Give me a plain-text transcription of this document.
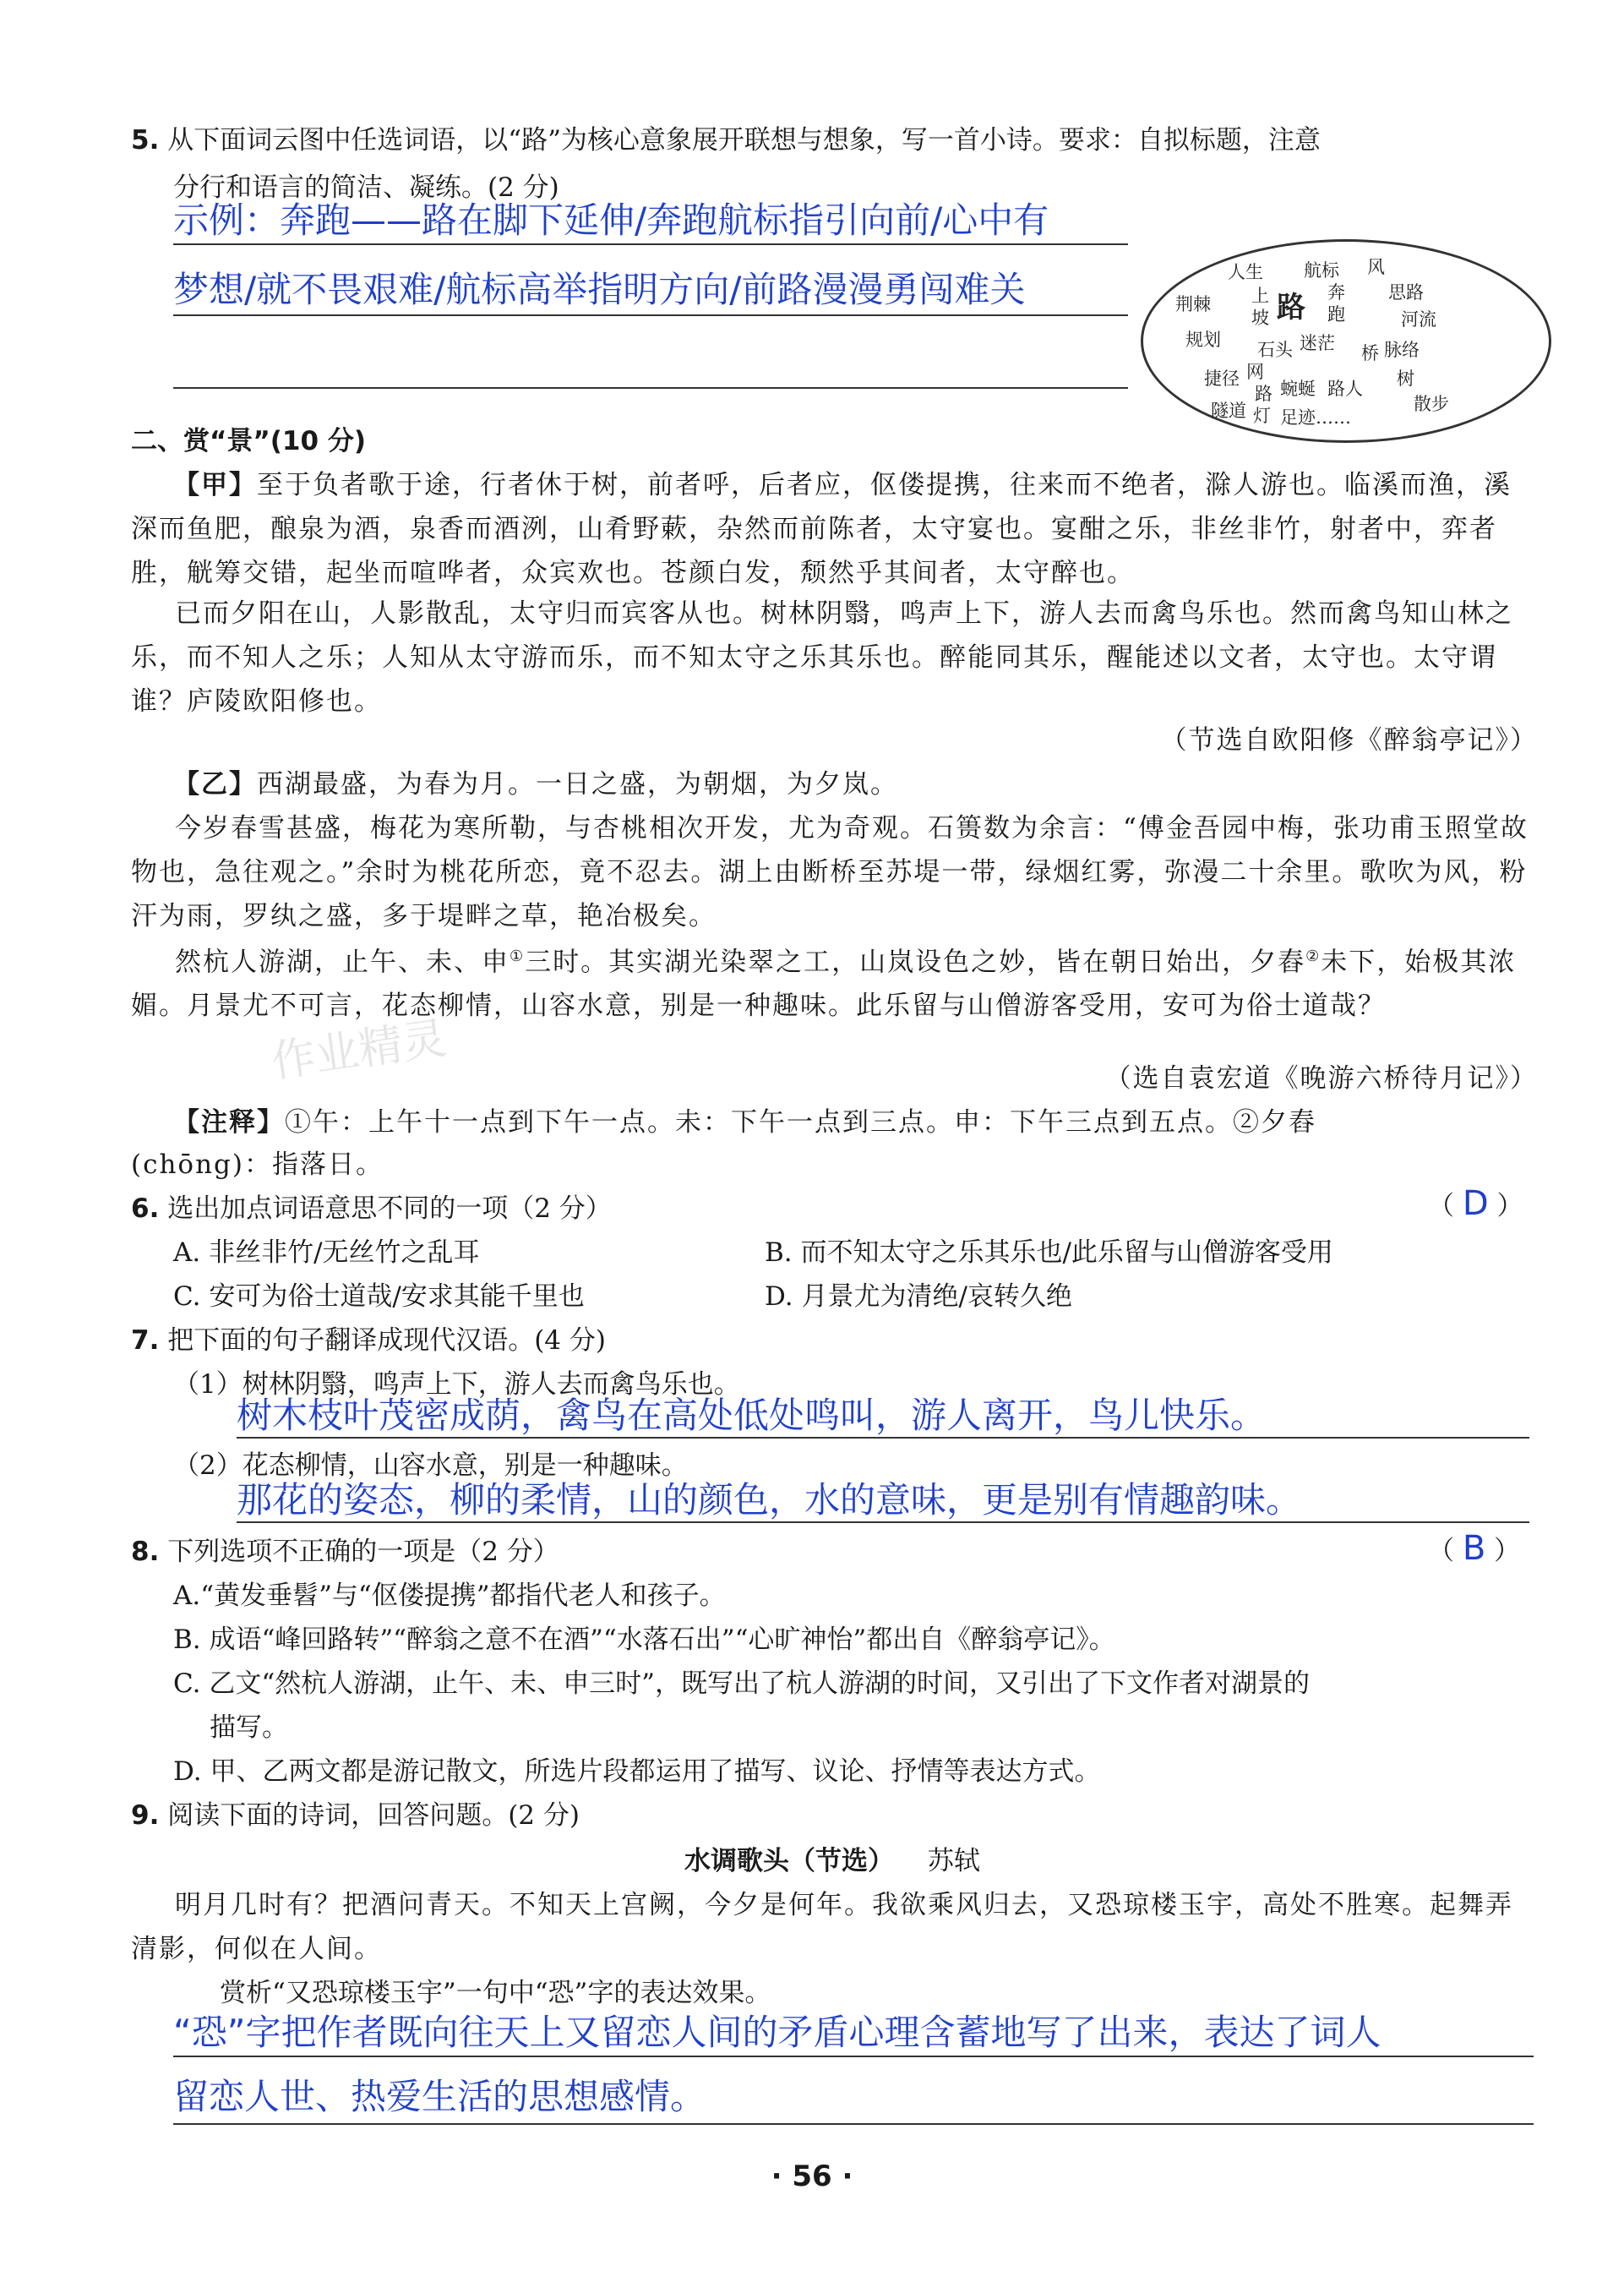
5. 从下面词云图中任选词语，以“路”为核心意象展开联想与想象，写一首小诗。要求：自拟标题，注意
分行和语言的简洁、凝练。(2 分)
示例：奔跑——路在脚下延伸/奔跑航标指引向前/心中有
梦想/就不畏艰难/航标高举指明方向/前路漫漫勇闯难关	人生 航标 风
上
坡 路 奔
跑
思路
荆棘
河流
规划 石头 迷茫 桥 脉络
捷径 网
路 蜿蜒 路人 树
隧道 灯 足迹……
散步
二、赏“景”(10 分)
【甲】至于负者歌于途，行者休于树，前者呼，后者应，伛偻提携，往来而不绝者，滁人游也。临溪而渔，溪深而鱼肥，酿泉为酒，泉香而酒洌，山肴野蔌，杂然而前陈者，太守宴也。宴酣之乐，非丝非竹，射者中，弈者胜，觥筹交错，起坐而喧哗者，众宾欢也。苍颜白发，颓然乎其间者，太守醉也。
已而夕阳在山，人影散乱，太守归而宾客从也。树林阴翳，鸣声上下，游人去而禽鸟乐也。然而禽鸟知山林之乐，而不知人之乐；人知从太守游而乐，而不知太守之乐其乐也。醉能同其乐，醒能述以文者，太守也。太守谓谁？庐陵欧阳修也。
（节选自欧阳修《醉翁亭记》）
【乙】西湖最盛，为春为月。一日之盛，为朝烟，为夕岚。
今岁春雪甚盛，梅花为寒所勒，与杏桃相次开发，尤为奇观。石篑数为余言：“傅金吾园中梅，张功甫玉照堂故物也，急往观之。”余时为桃花所恋，竟不忍去。湖上由断桥至苏堤一带，绿烟红雾，弥漫二十余里。歌吹为风，粉汗为雨，罗纨之盛，多于堤畔之草，艳冶极矣。
然杭人游湖，止午、未、申①三时。其实湖光染翠之工，山岚设色之妙，皆在朝日始出，夕舂②未下，始极其浓媚。月景尤不可言，花态柳情，山容水意，别是一种趣味。此乐留与山僧游客受用，安可为俗士道哉？
（选自袁宏道《晚游六桥待月记》）
【注释】①午：上午十一点到下午一点。未：下午一点到三点。申：下午三点到五点。②夕舂
(chōng)：指落日。
6. 选出加点词语意思不同的一项（2 分）	（ D ）
A. 非丝非竹/无丝竹之乱耳	B. 而不知太守之乐其乐也/此乐留与山僧游客受用
C. 安可为俗士道哉/安求其能千里也	D. 月景尤为清绝/哀转久绝
7. 把下面的句子翻译成现代汉语。(4 分)
（1）树林阴翳，鸣声上下，游人去而禽鸟乐也。
树木枝叶茂密成荫，禽鸟在高处低处鸣叫，游人离开，鸟儿快乐。
（2）花态柳情，山容水意，别是一种趣味。
那花的姿态，柳的柔情，山的颜色，水的意味，更是别有情趣韵味。
8. 下列选项不正确的一项是（2 分）	（ B ）
A.“黄发垂髫”与“伛偻提携”都指代老人和孩子。
B. 成语“峰回路转”“醉翁之意不在酒”“水落石出”“心旷神怡”都出自《醉翁亭记》。
C. 乙文“然杭人游湖，止午、未、申三时”，既写出了杭人游湖的时间，又引出了下文作者对湖景的
描写。
D. 甲、乙两文都是游记散文，所选片段都运用了描写、议论、抒情等表达方式。
9. 阅读下面的诗词，回答问题。(2 分)
水调歌头（节选） 苏轼
明月几时有？把酒问青天。不知天上宫阙，今夕是何年。我欲乘风归去，又恐琼楼玉宇，高处不胜寒。起舞弄清影，何似在人间。
赏析“又恐琼楼玉宇”一句中“恐”字的表达效果。
“恐”字把作者既向往天上又留恋人间的矛盾心理含蓄地写了出来，表达了词人
留恋人世、热爱生活的思想感情。
· 56 ·
作业精灵
